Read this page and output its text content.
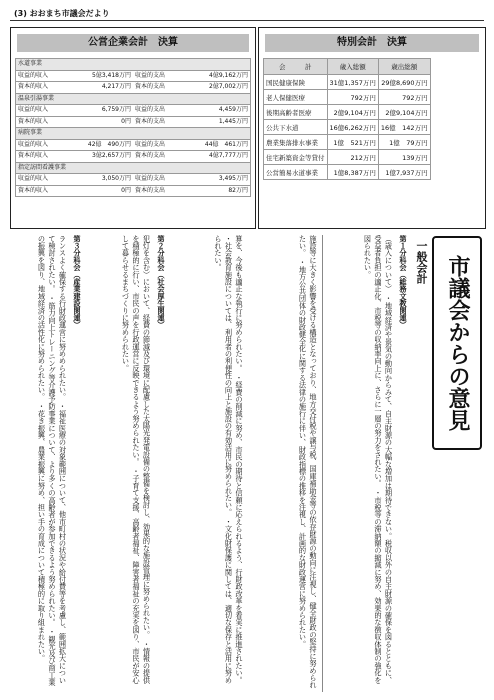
(3) おおまち市議会だより
公営企業会計　決算
水道事業
収益的収入	5億3,418万円 収益的支出	4億9,162万円
資本的収入	4,217万円 資本的支出	2億7,002万円
温泉引湯事業
収益的収入	6,759万円 収益的支出	4,459万円
資本的収入	0円 資本的支出	1,445万円
病院事業
収益的収入	42億　490万円 収益的支出	44億　461万円
資本的収入	3億2,657万円 資本的支出	4億7,777万円
指定訪問看護事業
収益的収入	3,050万円 収益的支出	3,495万円
資本的収入	0円 資本的支出	82万円
特別会計　決算
会　　　計	歳入総額	歳出総額
国民健康保険	31億1,357万円	29億8,690万円
老人保健医療	792万円	792万円
後期高齢者医療	2億9,104万円	2億9,104万円
公共下水道	16億6,262万円	16億　142万円
農業集落排水事業	1億　521万円	1億　79万円
住宅新築資金等貸付	212万円	139万円
公営簡易水道事業	1億8,387万円	1億7,937万円
市議会からの意見
一般会計

第１分科会（総務文教関連）

（歳入について） ・地域経済や景気の動向からみて、自主財源の大幅な増加は期待できない。税収以外の自主財源の確保を図るとともに、受益者負担の適正化、市税等の収納率向上に、さらに一層の努力をされたい。 ・市税等の滞納額の縮減に努め、効果的な徴収体制の強化を図られたい。

施設等に大きく影響を受ける構造となっており、地方交付税や譲与税、国庫補助金等の依存財源の動向に注視し、健全財政の堅持に努められたい。 ・地方公共団体の財政健全化に関する法律の施行に伴い、財政指標の推移を注視し、計画的な財政運営に努められたい。

算を、今後も適正な執行に努められたい。 ・経費の削減に努め、市民の期待と信頼に応えられるよう、行財政改革を着実に推進されたい。 ・社会教育施設については、利用者の利便性の向上と施設の有効活用に努められたい。 ・文化財保護に関しては、適切な保存と活用に努められたい。

第２分科会（社会厚生関連）

犯灯を含む）において、経費の節減及び環境に配慮した太陽光発電設備の整備を検討し、効果的な施設管理に努められたい。 ・情報の提供を積極的に行い、市民の声を行政運営に反映できるよう努められたい。 ・子育て支援、高齢者福祉、障害者福祉の充実を図り、市民が安心して暮らせるまちづくりに努められたい。

第３分科会（産業建設関連）

ランスよく確保する行財政運営に努めめられたい。 ・福祉医療の対象範囲について、他市町村の状況や給付費等を考慮し、範囲拡大について検討されたい。 ・筋力向上トレーニング等介護予防事業について、より多くの高齢者が参加できるよう努められたい。 ・観光及び商工業の振興を図り、地域経済の活性化に努められたい。 ・花き振興、農業振興に努め、担い手の育成について積極的に取り組まれたい。
